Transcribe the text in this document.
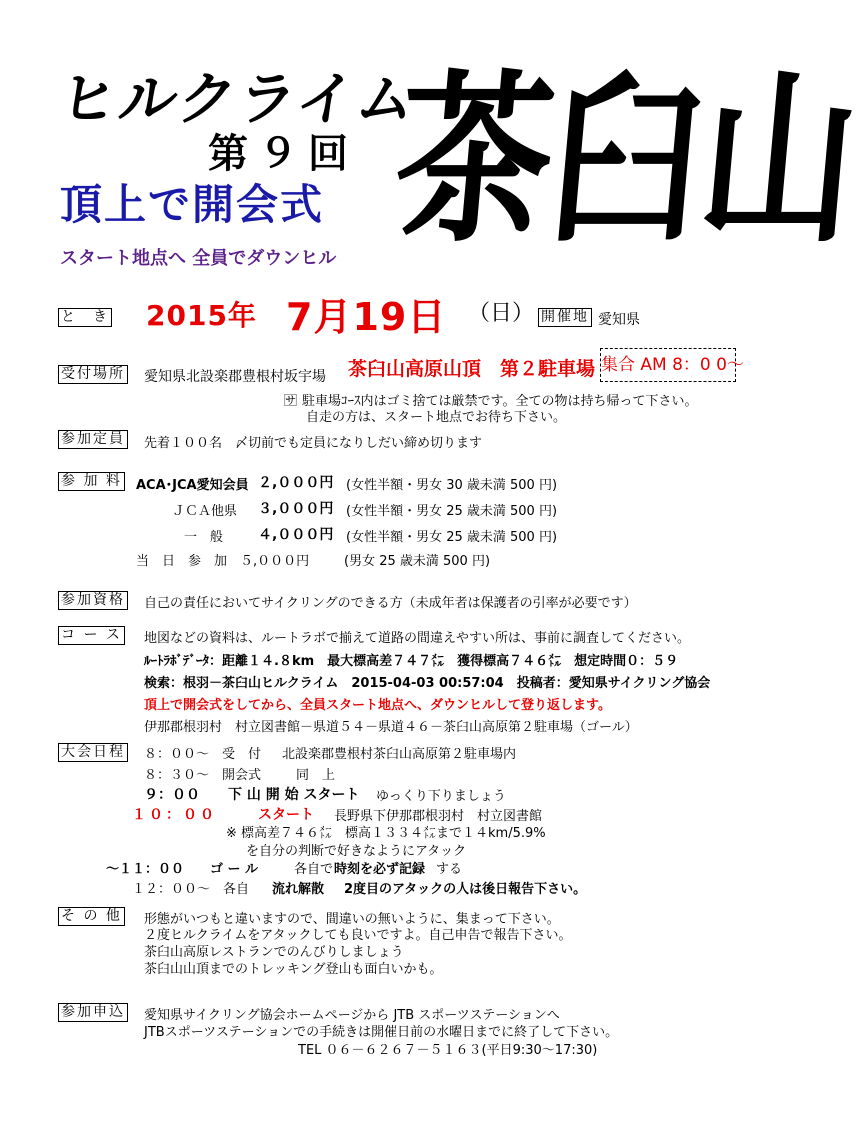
ヒルクライム
第９回
頂上で開会式
スタート地点へ 全員でダウンヒル 茶臼山
と　き 2015年 7月19日 （日） 開催地 愛知県
受付場所 愛知県北設楽郡豊根村坂宇場 茶臼山高原山頂　第２駐車場 集合 AM 8：0 0～
🈂 駐車場ｺｰｽ内はゴミ捨ては厳禁です。全ての物は持ち帰って下さい。
自走の方は、スタート地点でお待ち下さい。
参加定員 先着１００名　〆切前でも定員になりしだい締め切ります
参 加 料 ACA･JCA愛知会員 ２,０００円 (女性半額・男女 30 歳未満 500 円)
ＪＣＡ他県 ３,０００円 (女性半額・男女 25 歳未満 500 円)
一　般 ４,０００円 (女性半額・男女 25 歳未満 500 円)
当　日　参　加　５,０００円	(男女 25 歳未満 500 円)
参加資格 自己の責任においてサイクリングのできる方（未成年者は保護者の引率が必要です）
コ ー ス 地図などの資料は、ルートラボで揃えて道路の間違えやすい所は、事前に調査してください。
ﾙｰﾄﾗﾎﾞﾃﾞｰﾀ：距離１４.８km　最大標高差７４７㍍　獲得標高７４６㍍　想定時間０：５９
検索：根羽－茶臼山ヒルクライム　2015-04-03 00:57:04　投稿者：愛知県サイクリング協会
頂上で開会式をしてから、全員スタート地点へ、ダウンヒルして登り返します。
伊那郡根羽村　村立図書館－県道５４－県道４６－茶臼山高原第２駐車場（ゴール）
大会日程 ８：００～　受　付 北設楽郡豊根村茶臼山高原第２駐車場内
８：３０～　開会式	同　上
９：００　　下 山 開 始 スタート ゆっくり下りましょう
１０：００	スタート 長野県下伊那郡根羽村　村立図書館
※ 標高差７４６㍍　標高１３３４㍍まで１４km/5.9%
を自分の判断で好きなようにアタック
～１１：００　　ゴ ー ル	各自で 時刻を必ず記録 する
１２：００～　各自 流れ解散 2度目のアタックの人は後日報告下さい。
そ の 他 形態がいつもと違いますので、間違いの無いように、集まって下さい。
２度ヒルクライムをアタックしても良いですよ。自己申告で報告下さい。
茶臼山高原レストランでのんびりしましょう
茶臼山山頂までのトレッキング登山も面白いかも。
参加申込 愛知県サイクリング協会ホームページから JTB スポーツステーションへ
JTBスポーツステーションでの手続きは開催日前の水曜日までに終了して下さい。
TEL ０６－６２６７－５１６３(平日9:30～17:30)
